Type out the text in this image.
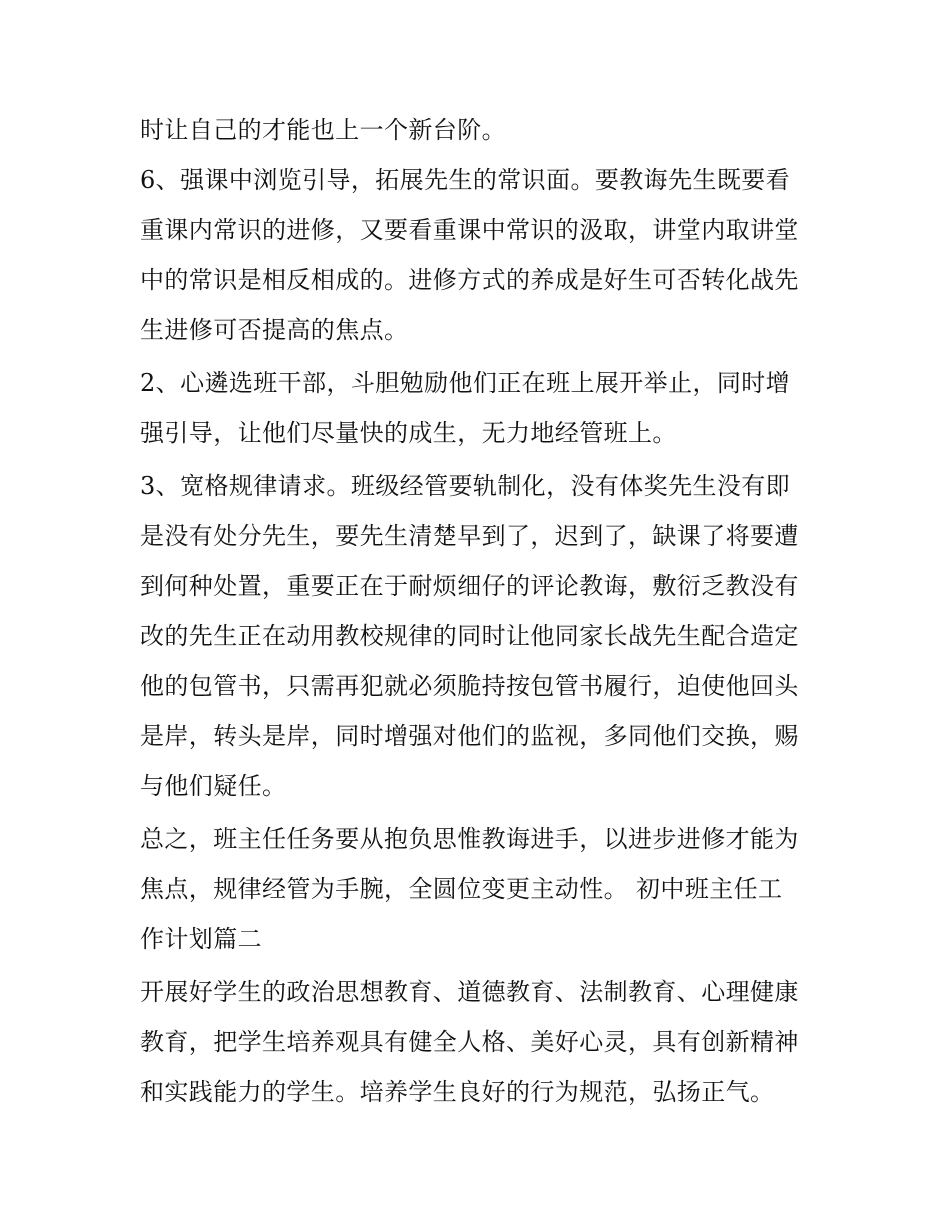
时让自己的才能也上一个新台阶。
6、强课中浏览引导，拓展先生的常识面。要教诲先生既要看
重课内常识的进修，又要看重课中常识的汲取，讲堂内取讲堂
中的常识是相反相成的。进修方式的养成是好生可否转化战先
生进修可否提高的焦点。
2、心遴选班干部，斗胆勉励他们正在班上展开举止，同时增
强引导，让他们尽量快的成生，无力地经管班上。
3、宽格规律请求。班级经管要轨制化，没有体奖先生没有即
是没有处分先生，要先生清楚早到了，迟到了，缺课了将要遭
到何种处置，重要正在于耐烦细仔的评论教诲，敷衍乏教没有
改的先生正在动用教校规律的同时让他同家长战先生配合造定
他的包管书，只需再犯就必须脆持按包管书履行，迫使他回头
是岸，转头是岸，同时增强对他们的监视，多同他们交换，赐
与他们疑任。
总之，班主任任务要从抱负思惟教诲进手，以进步进修才能为
焦点，规律经管为手腕，全圆位变更主动性。 初中班主任工
作计划篇二
开展好学生的政治思想教育、道德教育、法制教育、心理健康
教育，把学生培养观具有健全人格、美好心灵，具有创新精神
和实践能力的学生。培养学生良好的行为规范，弘扬正气。
